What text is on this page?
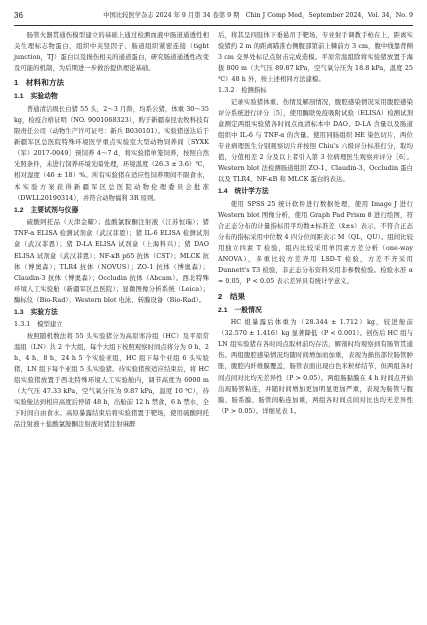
36	中国比较医学杂志 2024 年 9 月第 34 卷第 9 期　Chin J Comp Med，September 2024，Vol. 34，No. 9

肠管火器贯通伤模型建立的基础上通过检测血液中肠道通透性相关生理标志物蛋白，组织中夹竖因子、肠道组织紧密连接（tight junction，TJ）蛋白以及损伤相关的通道蛋白，研究肠道通透性改变及可能的机制，为后期进一步救治提供理论基础。

1　材料和方法
1.1　实验动物

普通清洁级长白猪 55 头，2～3 月龄，均系公猪，体重 30～35 kg，检疫合格证明（NO. 9001068323），购于新疆泰昆农牧科技有限责任公司（动物生产许可证号：新兵 B030101）。实验猪送达后于新疆军区总医院特殊环境医学重点实验室大型动物饲养间［SYXK（军）2017-0049］预饲养 4～7 d，将实验猪单笼饲养，按照自然光照条件，未进行饲养环境光暗处理，环境温度（26.3 ± 3.6）℃，相对湿度（46 ± 18）%。所有实验猪在适应性饲养期间不限食水，本实验方案获得新疆军区总医院动物伦理委员会批准（DWLL20190314），并符合动物福利 3R 原则。

1.2　主要试剂与仪器

硫酸阿托品（天津金耀）；盐酸氯胺酮注射液（江苏恒瑞）；猪 TNF-α ELISA 检测试剂盒（武汉菲恩）；猪 IL-6 ELISA 检测试剂盒（武汉菲恩）；猪 D-LA ELISA 试剂盒（上海科兴）；猪 DAO ELISA 试剂盒（武汉菲恩）；NF-κB p65 抗体（CST）；MLCK 抗体（博奥森）；TLR4 抗体（NOVUS）；ZO-1 抗体（博奥森）；Claudin-3 抗体（博奥森）；Occludin 抗体（Abcam）。西北特殊环境人工实验舱（新疆军区总医院）；显微图像分析系统（Leica）；酶标仪（Bio-Rad）；Western blot 电泳、转膜设备（Bio-Rad）。

1.3　实验方法
1.3.1　模型建立

按照随机数法将 55 头实验猪分为高原寒冷组（HC）及平原常温组（LN）共 2 个大组，每个大组下按照观察时间点将分为 0 h、2 h、4 h、8 h、24 h 5 个实验亚组，HC 组下每个亚组 6 头实验猪，LN 组下每个亚组 5 头实验猪。待实验猪预适应结束后，将 HC 组实验猪放置于西北特殊环境人工实验舱内，调节高度为 6000 m（大气压 47.33 kPa，空气氧分压为 9.87 kPa，温度 10 ℃），待实验舱达到相应高度后停留 48 h，出舱前 12 h 禁食，6 h 禁水，全下时间自由食水。高原暴露结束后将实验猪置于靶场，使用硫酸阿托品注射液＋盐酸氯胺酮注射液对猪注射麻醉

后，将其呈四肢体下垂悬吊于靶场，专业射手调教手枪在上，距离实验猪约 2 m 的距离瞄准右侧腹部第前上棘前方 3 cm，腹中线靠背侧 3 cm 交界处标记点射击完成造模。平原常温组除将实验猪放置于海拔 800 m（大气压 89.87 kPa，空气氧分压为 18.8 kPa，温度 25 ℃）48 h 外，按上述相同方法建模。

1.3.2　检测指标

记录实验猪体重、伤情及解剖情况，腹腔感染情况采用腹腔感染评分系统进行评分［5］，使用酶联免疫吸附试验（ELISA）检测试剂盒测定两组实验猪各时间点血清标本中 DAO、D-LA 含量以及肠道组织中 IL-6 与 TNF-α 的含量。使用同肠组织 HE 染色切片，两位专业病理医生分别观察切片并按照 Chiu's 六级评分标准打分，取均值，分值相差 2 分及以上者引入第 3 位病理医生观察并评分［6］。Western blot 法检测肠道组织 ZO-1、Claudin-3、Occludin 蛋白以及 TLR4、NF-κB 和 MLCK 蛋白的表达。

1.4　统计学方法

使用 SPSS 25 统计软件进行数据处理，使用 Image J 进行 Western blot 图像分析，使用 Graph Pad Prism 8 进行绘图，符合正态分布的计量指标用平均数±标准差（x̄±s）表示，不符合正态分布的指标采用中位数 4 四分位间距表示 M（QL，QU）。组间比较用独立四素 T 检验，组内比较采用单因素方差分析（one-way ANOVA），多重比较方差齐用 LSD-T 检验，方差不齐采用 Dunnett's T3 检验，非正态分布资料采用非参数检验。检验水准 α = 0.05，P < 0.05 表示差异具有统计学意义。

2　结果
2.1　一般情况

HC 组暴露后体重为（28.344 ± 1.712）kg，较进舱前（32.570 ± 1.416）kg 显著降低（P < 0.001）。创伤后 HC 组与 LN 组实验猪在各时间点取材前均存活，解剖时均观察到有肠管贯通伤。两组腹腔感染情况均随时间增加而加重，表现为损伤部位肠管肿胀，腹腔内纤维膜覆盖，肠管表面出现白色米粒样结节，但两组各时间点间对比均无差异性（P > 0.05）。两组肠黏膜在 4 h 时间点开始出现肠管粘连，并随时间增加更加明显更加严重，表现为肠管与腹膜、肠系膜、肠管间粘连加重，两组各时间点间对比也均无差异性（P > 0.05）。详细见表 1。
